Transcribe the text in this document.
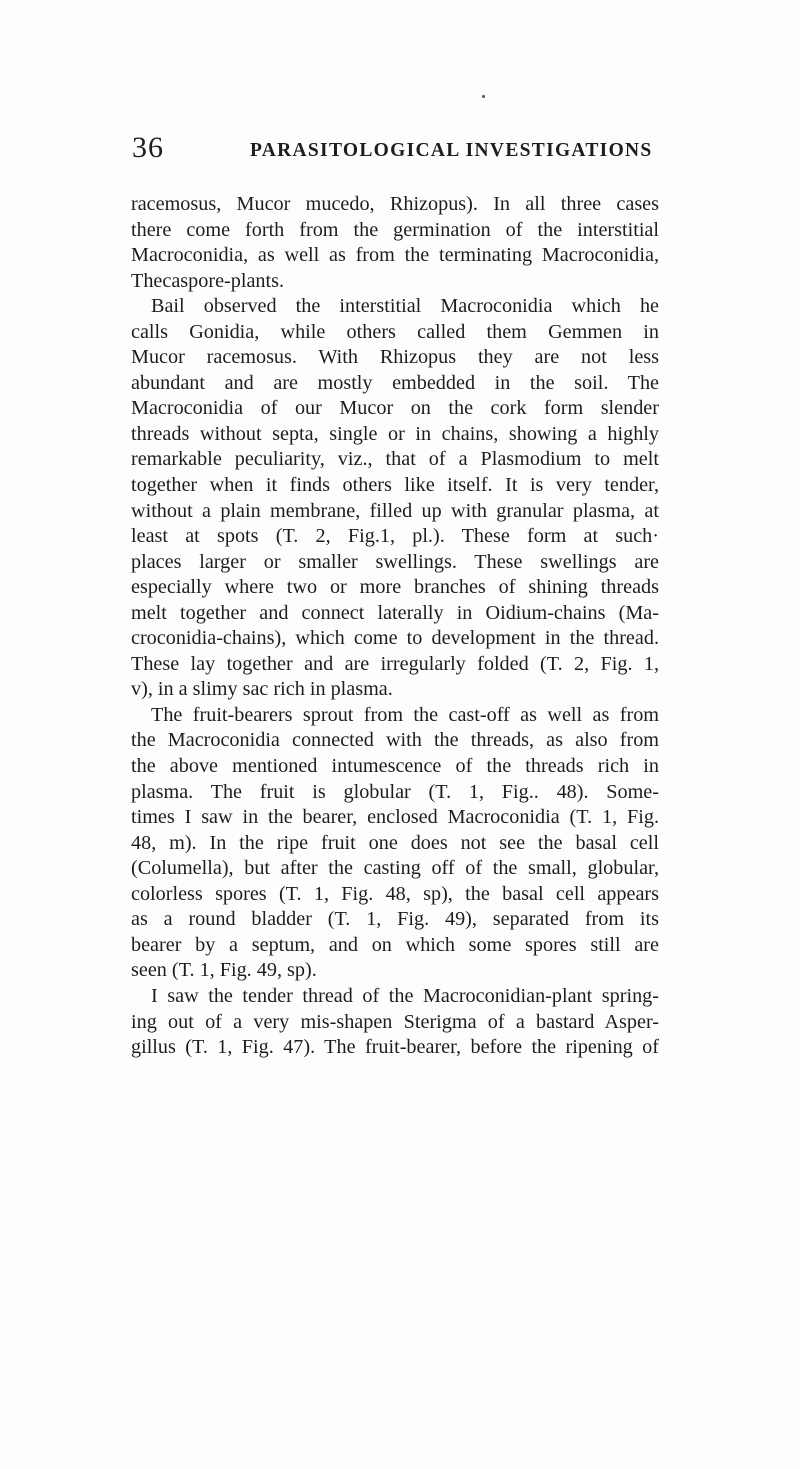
36	PARASITOLOGICAL INVESTIGATIONS
racemosus, Mucor mucedo, Rhizopus). In all three cases
there come forth from the germination of the interstitial
Macroconidia, as well as from the terminating Macroconidia,
Thecaspore-plants.
Bail observed the interstitial Macroconidia which he
calls Gonidia, while others called them Gemmen in
Mucor racemosus. With Rhizopus they are not less
abundant and are mostly embedded in the soil. The
Macroconidia of our Mucor on the cork form slender
threads without septa, single or in chains, showing a highly
remarkable peculiarity, viz., that of a Plasmodium to melt
together when it finds others like itself. It is very tender,
without a plain membrane, filled up with granular plasma, at
least at spots (T. 2, Fig.1, pl.). These form at such·
places larger or smaller swellings. These swellings are
especially where two or more branches of shining threads
melt together and connect laterally in Oidium-chains (Ma-
croconidia-chains), which come to development in the thread.
These lay together and are irregularly folded (T. 2, Fig. 1,
v), in a slimy sac rich in plasma.
The fruit-bearers sprout from the cast-off as well as from
the Macroconidia connected with the threads, as also from
the above mentioned intumescence of the threads rich in
plasma. The fruit is globular (T. 1, Fig.. 48). Some-
times I saw in the bearer, enclosed Macroconidia (T. 1, Fig.
48, m). In the ripe fruit one does not see the basal cell
(Columella), but after the casting off of the small, globular,
colorless spores (T. 1, Fig. 48, sp), the basal cell appears
as a round bladder (T. 1, Fig. 49), separated from its
bearer by a septum, and on which some spores still are
seen (T. 1, Fig. 49, sp).
I saw the tender thread of the Macroconidian-plant spring-
ing out of a very mis-shapen Sterigma of a bastard Asper-
gillus (T. 1, Fig. 47). The fruit-bearer, before the ripening of
